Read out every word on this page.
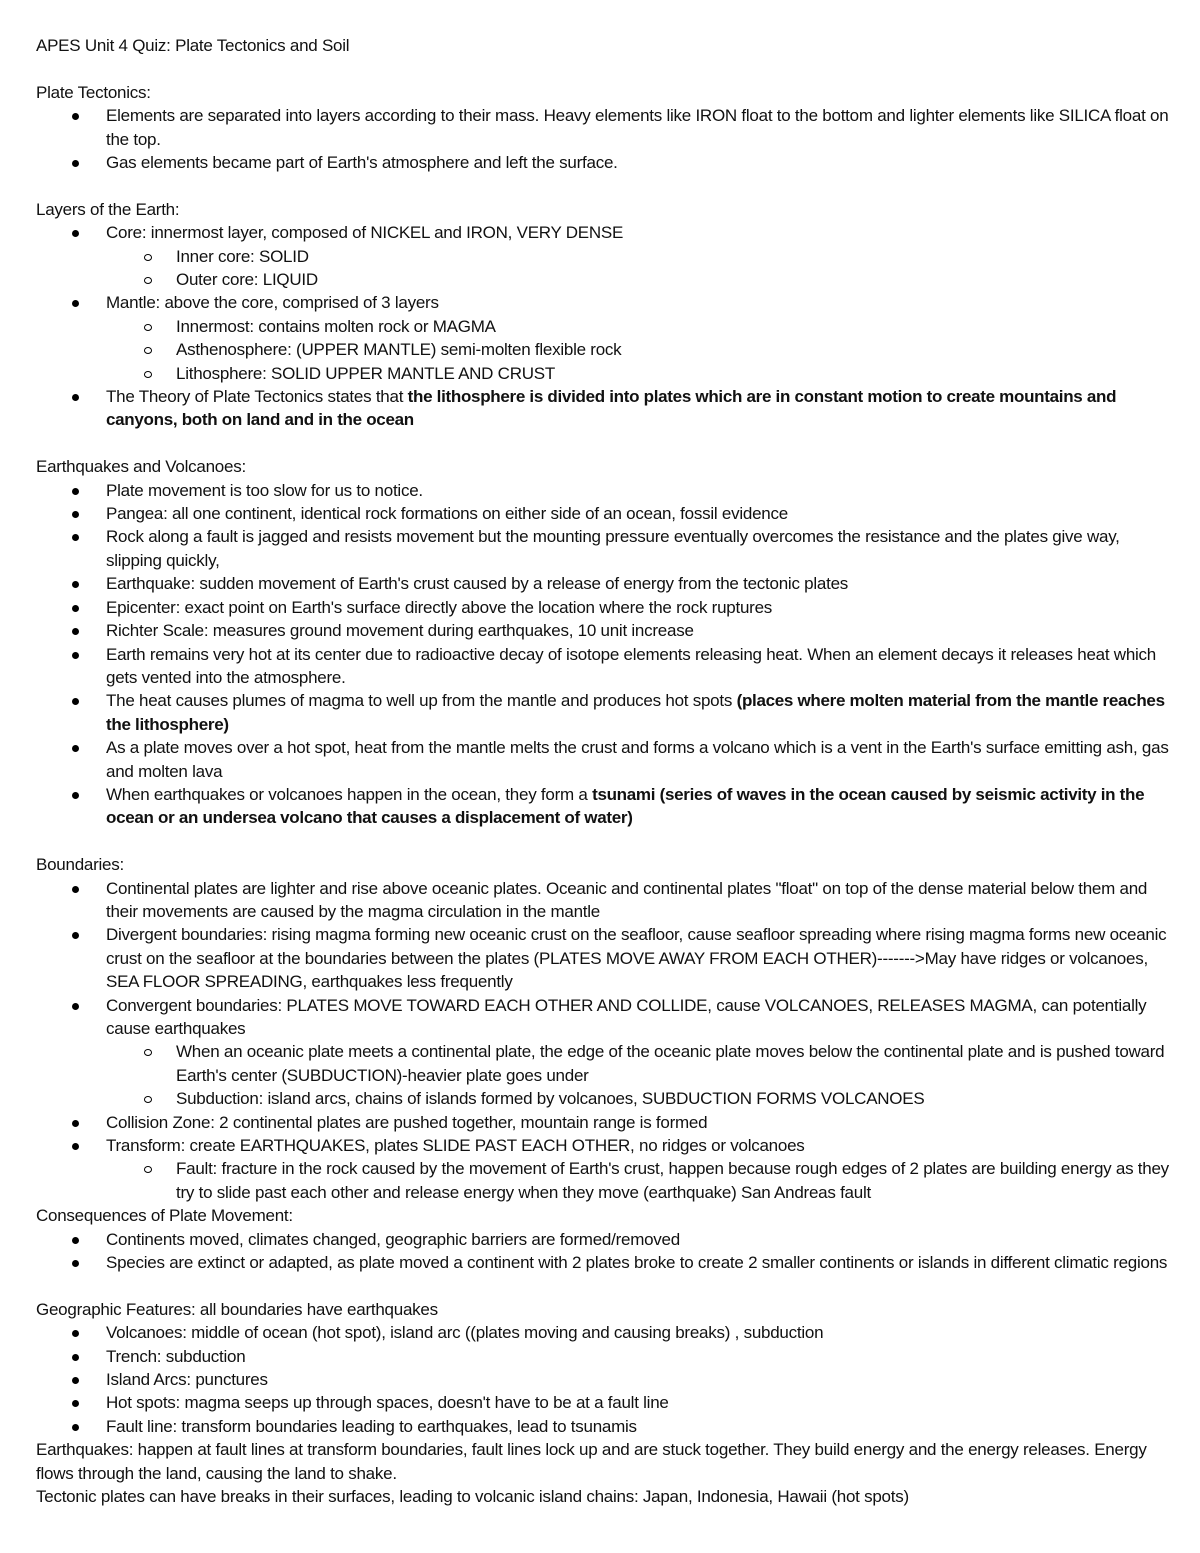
APES Unit 4 Quiz: Plate Tectonics and Soil

Plate Tectonics:

Elements are separated into layers according to their mass. Heavy elements like IRON float to the bottom and lighter elements like SILICA float on the top.
Gas elements became part of Earth's atmosphere and left the surface.

Layers of the Earth:

Core: innermost layer, composed of NICKEL and IRON, VERY DENSE
Inner core: SOLID
Outer core: LIQUID
Mantle: above the core, comprised of 3 layers
Innermost: contains molten rock or MAGMA
Asthenosphere: (UPPER MANTLE) semi-molten flexible rock
Lithosphere: SOLID UPPER MANTLE AND CRUST
The Theory of Plate Tectonics states that the lithosphere is divided into plates which are in constant motion to create mountains and canyons, both on land and in the ocean

Earthquakes and Volcanoes:

Plate movement is too slow for us to notice.
Pangea: all one continent, identical rock formations on either side of an ocean, fossil evidence
Rock along a fault is jagged and resists movement but the mounting pressure eventually overcomes the resistance and the plates give way, slipping quickly,
Earthquake: sudden movement of Earth's crust caused by a release of energy from the tectonic plates
Epicenter: exact point on Earth's surface directly above the location where the rock ruptures
Richter Scale: measures ground movement during earthquakes, 10 unit increase
Earth remains very hot at its center due to radioactive decay of isotope elements releasing heat. When an element decays it releases heat which gets vented into the atmosphere.
The heat causes plumes of magma to well up from the mantle and produces hot spots (places where molten material from the mantle reaches the lithosphere)
As a plate moves over a hot spot, heat from the mantle melts the crust and forms a volcano which is a vent in the Earth's surface emitting ash, gas and molten lava
When earthquakes or volcanoes happen in the ocean, they form a tsunami (series of waves in the ocean caused by seismic activity in the ocean or an undersea volcano that causes a displacement of water)

Boundaries:

Continental plates are lighter and rise above oceanic plates. Oceanic and continental plates "float" on top of the dense material below them and their movements are caused by the magma circulation in the mantle
Divergent boundaries: rising magma forming new oceanic crust on the seafloor, cause seafloor spreading where rising magma forms new oceanic crust on the seafloor at the boundaries between the plates (PLATES MOVE AWAY FROM EACH OTHER)------->May have ridges or volcanoes, SEA FLOOR SPREADING, earthquakes less frequently
Convergent boundaries: PLATES MOVE TOWARD EACH OTHER AND COLLIDE, cause VOLCANOES, RELEASES MAGMA, can potentially cause earthquakes
When an oceanic plate meets a continental plate, the edge of the oceanic plate moves below the continental plate and is pushed toward Earth's center (SUBDUCTION)-heavier plate goes under
Subduction: island arcs, chains of islands formed by volcanoes, SUBDUCTION FORMS VOLCANOES
Collision Zone: 2 continental plates are pushed together, mountain range is formed
Transform: create EARTHQUAKES, plates SLIDE PAST EACH OTHER, no ridges or volcanoes
Fault: fracture in the rock caused by the movement of Earth's crust, happen because rough edges of 2 plates are building energy as they try to slide past each other and release energy when they move (earthquake) San Andreas fault

Consequences of Plate Movement:

Continents moved, climates changed, geographic barriers are formed/removed
Species are extinct or adapted, as plate moved a continent with 2 plates broke to create 2 smaller continents or islands in different climatic regions

Geographic Features: all boundaries have earthquakes

Volcanoes: middle of ocean (hot spot), island arc ((plates moving and causing breaks) , subduction
Trench: subduction
Island Arcs: punctures
Hot spots: magma seeps up through spaces, doesn't have to be at a fault line
Fault line: transform boundaries leading to earthquakes, lead to tsunamis

Earthquakes: happen at fault lines at transform boundaries, fault lines lock up and are stuck together. They build energy and the energy releases. Energy flows through the land, causing the land to shake.

Tectonic plates can have breaks in their surfaces, leading to volcanic island chains: Japan, Indonesia, Hawaii (hot spots)
